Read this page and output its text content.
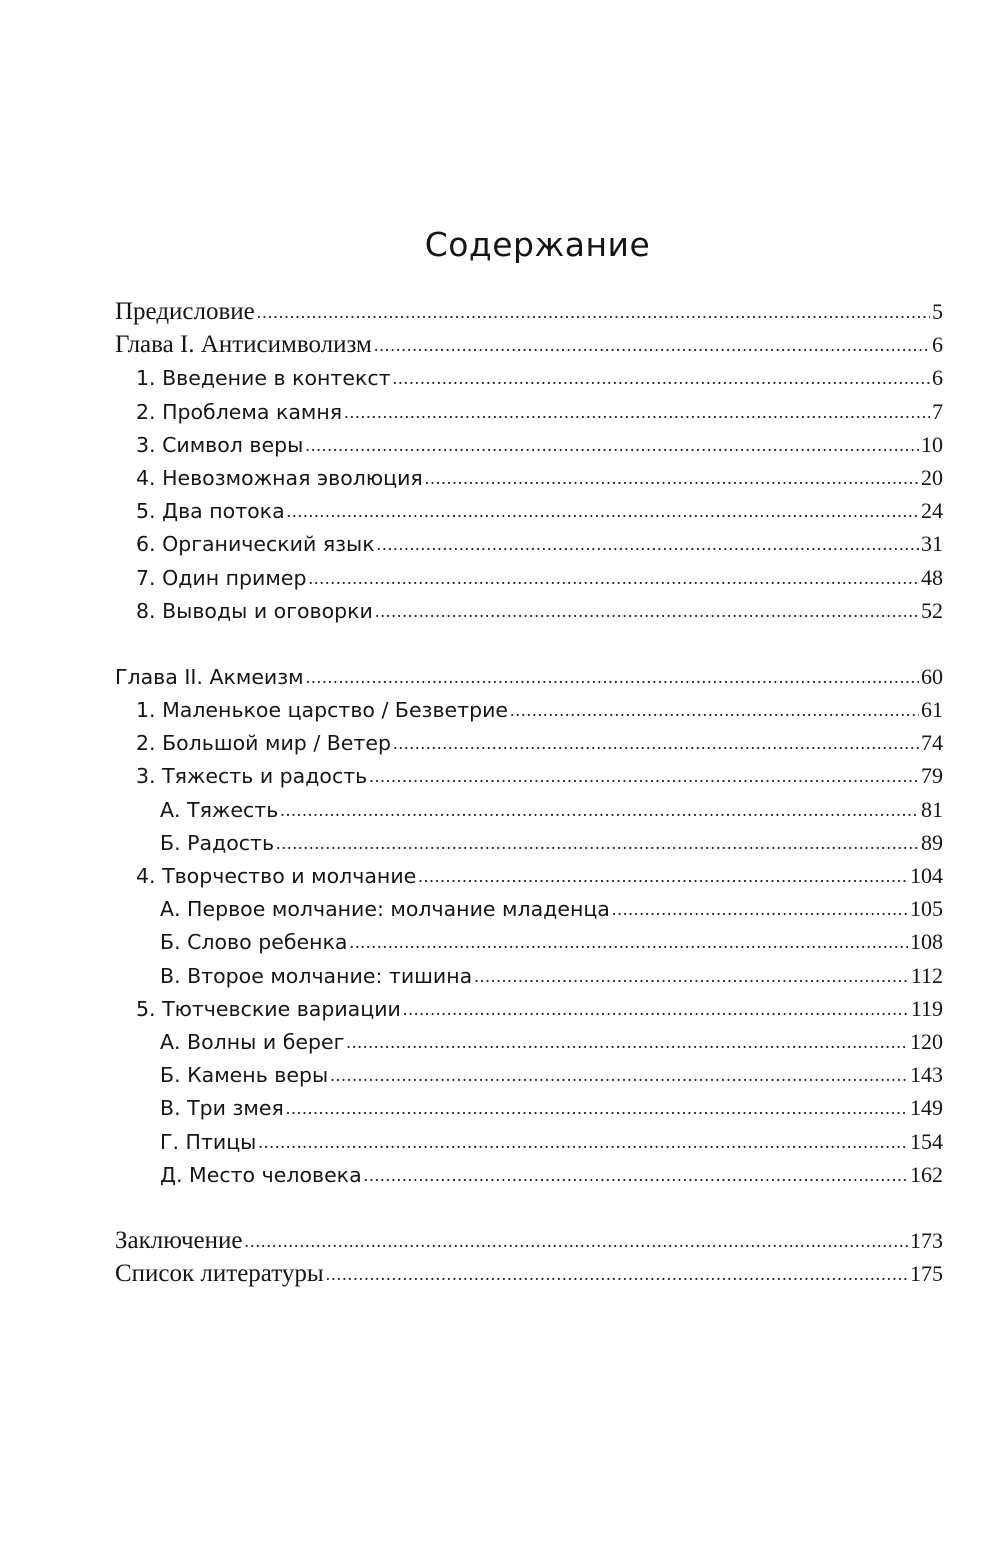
Содержание
Предисловие .....	5
Глава I. Антисимволизм .....	6
1. Введение в контекст .....	6
2. Проблема камня .....	7
3. Символ веры .....	10
4. Невозможная эволюция .....	20
5. Два потока .....	24
6. Органический язык .....	31
7. Один пример .....	48
8. Выводы и оговорки .....	52
Глава II. Акмеизм .....	60
1. Маленькое царство / Безветрие .....	61
2. Большой мир / Ветер .....	74
3. Тяжесть и радость .....	79
А. Тяжесть .....	81
Б. Радость .....	89
4. Творчество и молчание .....	104
А. Первое молчание: молчание младенца .....	105
Б. Слово ребенка .....	108
В. Второе молчание: тишина .....	112
5. Тютчевские вариации .....	119
А. Волны и берег .....	120
Б. Камень веры .....	143
В. Три змея .....	149
Г. Птицы .....	154
Д. Место человека .....	162
Заключение .....	173
Список литературы .....	175
